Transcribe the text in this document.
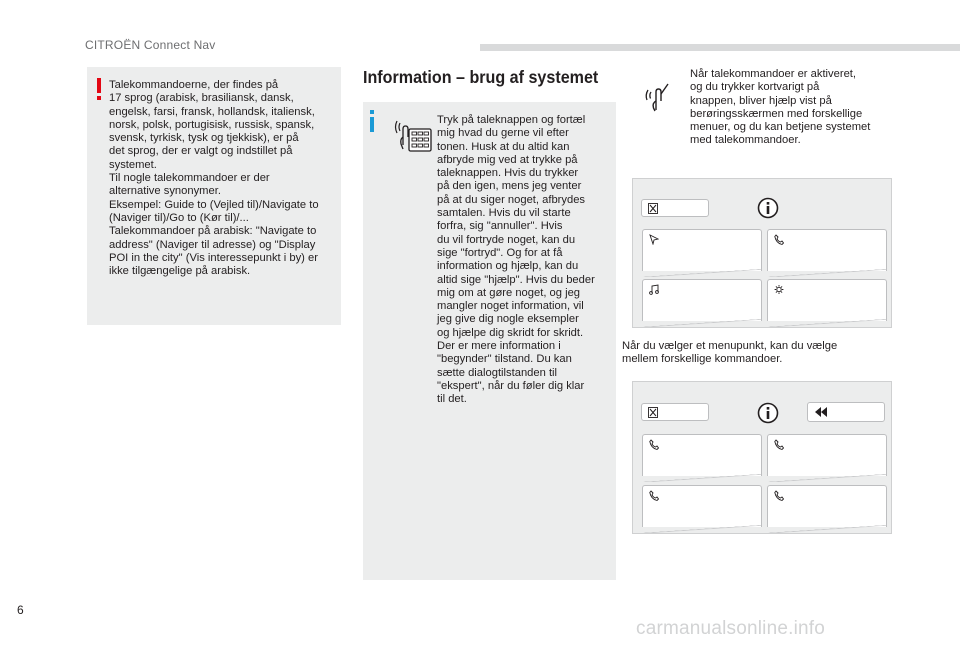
CITROËN Connect Nav
Talekommandoerne, der findes på
17 sprog (arabisk, brasiliansk, dansk,
engelsk, farsi, fransk, hollandsk, italiensk,
norsk, polsk, portugisisk, russisk, spansk,
svensk, tyrkisk, tysk og tjekkisk), er på
det sprog, der er valgt og indstillet på
systemet.
Til nogle talekommandoer er der
alternative synonymer.
Eksempel: Guide to (Vejled til)/Navigate to
(Naviger til)/Go to (Kør til)/...
Talekommandoer på arabisk: "Navigate to
address" (Naviger til adresse) og "Display
POI in the city" (Vis interessepunkt i by) er
ikke tilgængelige på arabisk.
Information – brug af systemet
Tryk på taleknappen og fortæl
mig hvad du gerne vil efter
tonen. Husk at du altid kan
afbryde mig ved at trykke på
taleknappen. Hvis du trykker
på den igen, mens jeg venter
på at du siger noget, afbrydes
samtalen. Hvis du vil starte
forfra, sig "annuller". Hvis
du vil fortryde noget, kan du
sige "fortryd". Og for at få
information og hjælp, kan du
altid sige "hjælp". Hvis du beder
mig om at gøre noget, og jeg
mangler noget information, vil
jeg give dig nogle eksempler
og hjælpe dig skridt for skridt.
Der er mere information i
"begynder" tilstand. Du kan
sætte dialogtilstanden til
"ekspert", når du føler dig klar
til det.
Når talekommandoer er aktiveret,
og du trykker kortvarigt på
knappen, bliver hjælp vist på
berøringsskærmen med forskellige
menuer, og du kan betjene systemet
med talekommandoer.
Når du vælger et menupunkt, kan du vælge
mellem forskellige kommandoer.
6
carmanualsonline.info
